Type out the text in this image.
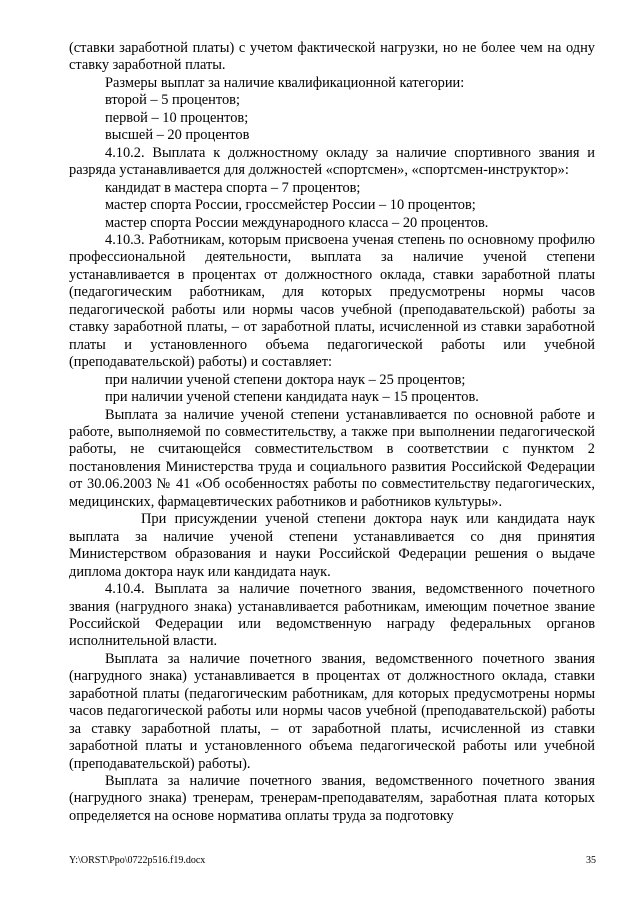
(ставки заработной платы) с учетом фактической нагрузки, но не более чем на одну ставку заработной платы.

Размеры выплат за наличие квалификационной категории:

второй – 5 процентов;

первой – 10 процентов;

высшей – 20 процентов

4.10.2. Выплата к должностному окладу за наличие спортивного звания и разряда устанавливается для должностей «спортсмен», «спортсмен-инструктор»:

кандидат в мастера спорта – 7 процентов;

мастер спорта России, гроссмейстер России – 10 процентов;

мастер спорта России международного класса – 20 процентов.

4.10.3. Работникам, которым присвоена ученая степень по основному профилю профессиональной деятельности, выплата за наличие ученой степени устанавливается в процентах от должностного оклада, ставки заработной платы (педагогическим работникам, для которых предусмотрены нормы часов педагогической работы или нормы часов учебной (преподавательской) работы за ставку заработной платы, – от заработной платы, исчисленной из ставки заработной платы и установленного объема педагогической работы или учебной (преподавательской) работы) и составляет:

при наличии ученой степени доктора наук – 25 процентов;

при наличии ученой степени кандидата наук – 15 процентов.

Выплата за наличие ученой степени устанавливается по основной работе и работе, выполняемой по совместительству, а также при выполнении педагогической работы, не считающейся совместительством в соответствии с пунктом 2 постановления Министерства труда и социального развития Российской Федерации от 30.06.2003 № 41 «Об особенностях работы по совместительству педагогических, медицинских, фармацевтических работников и работников культуры».

При присуждении ученой степени доктора наук или кандидата наук выплата за наличие ученой степени устанавливается со дня принятия Министерством образования и науки Российской Федерации решения о выдаче диплома доктора наук или кандидата наук.

4.10.4. Выплата за наличие почетного звания, ведомственного почетного звания (нагрудного знака) устанавливается работникам, имеющим почетное звание Российской Федерации или ведомственную награду федеральных органов исполнительной власти.

Выплата за наличие почетного звания, ведомственного почетного звания (нагрудного знака) устанавливается в процентах от должностного оклада, ставки заработной платы (педагогическим работникам, для которых предусмотрены нормы часов педагогической работы или нормы часов учебной (преподавательской) работы за ставку заработной платы, – от заработной платы, исчисленной из ставки заработной платы и установленного объема педагогической работы или учебной (преподавательской) работы).

Выплата за наличие почетного звания, ведомственного почетного звания (нагрудного знака) тренерам, тренерам-преподавателям, заработная плата которых определяется на основе норматива оплаты труда за подготовку

Y:\ORST\Ppo\0722p516.f19.docx	35
